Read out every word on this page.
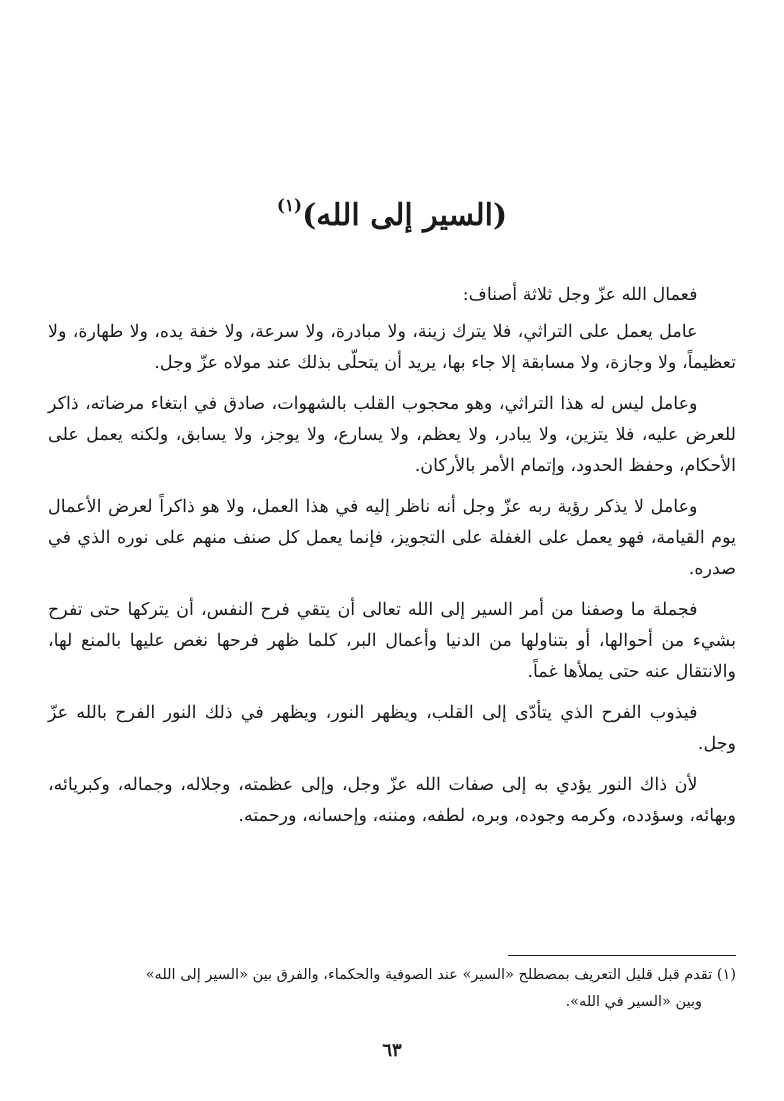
(السير إلى الله)$^{(١)}$

فعمال الله عزّ وجل ثلاثة أصناف:

عامل يعمل على التراثي، فلا يترك زينة، ولا مبادرة، ولا سرعة، ولا خفة يده، ولا طهارة، ولا تعظيماً، ولا وجازة، ولا مسابقة إلا جاء بها، يريد أن يتحلّى بذلك عند مولاه عزّ وجل.

وعامل ليس له هذا التراثي، وهو محجوب القلب بالشهوات، صادق في ابتغاء مرضاته، ذاكر للعرض عليه، فلا يتزين، ولا يبادر، ولا يعظم، ولا يسارع، ولا يوجز، ولا يسابق، ولكنه يعمل على الأحكام، وحفظ الحدود، وإتمام الأمر بالأركان.

وعامل لا يذكر رؤية ربه عزّ وجل أنه ناظر إليه في هذا العمل، ولا هو ذاكراً لعرض الأعمال يوم القيامة، فهو يعمل على الغفلة على التجويز، فإنما يعمل كل صنف منهم على نوره الذي في صدره.

فجملة ما وصفنا من أمر السير إلى الله تعالى أن يتقي فرح النفس، أن يتركها حتى تفرح بشيء من أحوالها، أو بتناولها من الدنيا وأعمال البر، كلما ظهر فرحها نغص عليها بالمنع لها، والانتقال عنه حتى يملأها غماً.

فيذوب الفرح الذي يتأدّى إلى القلب، ويظهر النور، ويظهر في ذلك النور الفرح بالله عزّ وجل.

لأن ذاك النور يؤدي به إلى صفات الله عزّ وجل، وإلى عظمته، وجلاله، وجماله، وكبريائه، وبهائه، وسؤدده، وكرمه وجوده، وبره، لطفه، ومننه، وإحسانه، ورحمته.

(١) تقدم قبل قليل التعريف بمصطلح «السير» عند الصوفية والحكماء، والفرق بين «السير إلى الله»
وبين «السير في الله».

٦٣
